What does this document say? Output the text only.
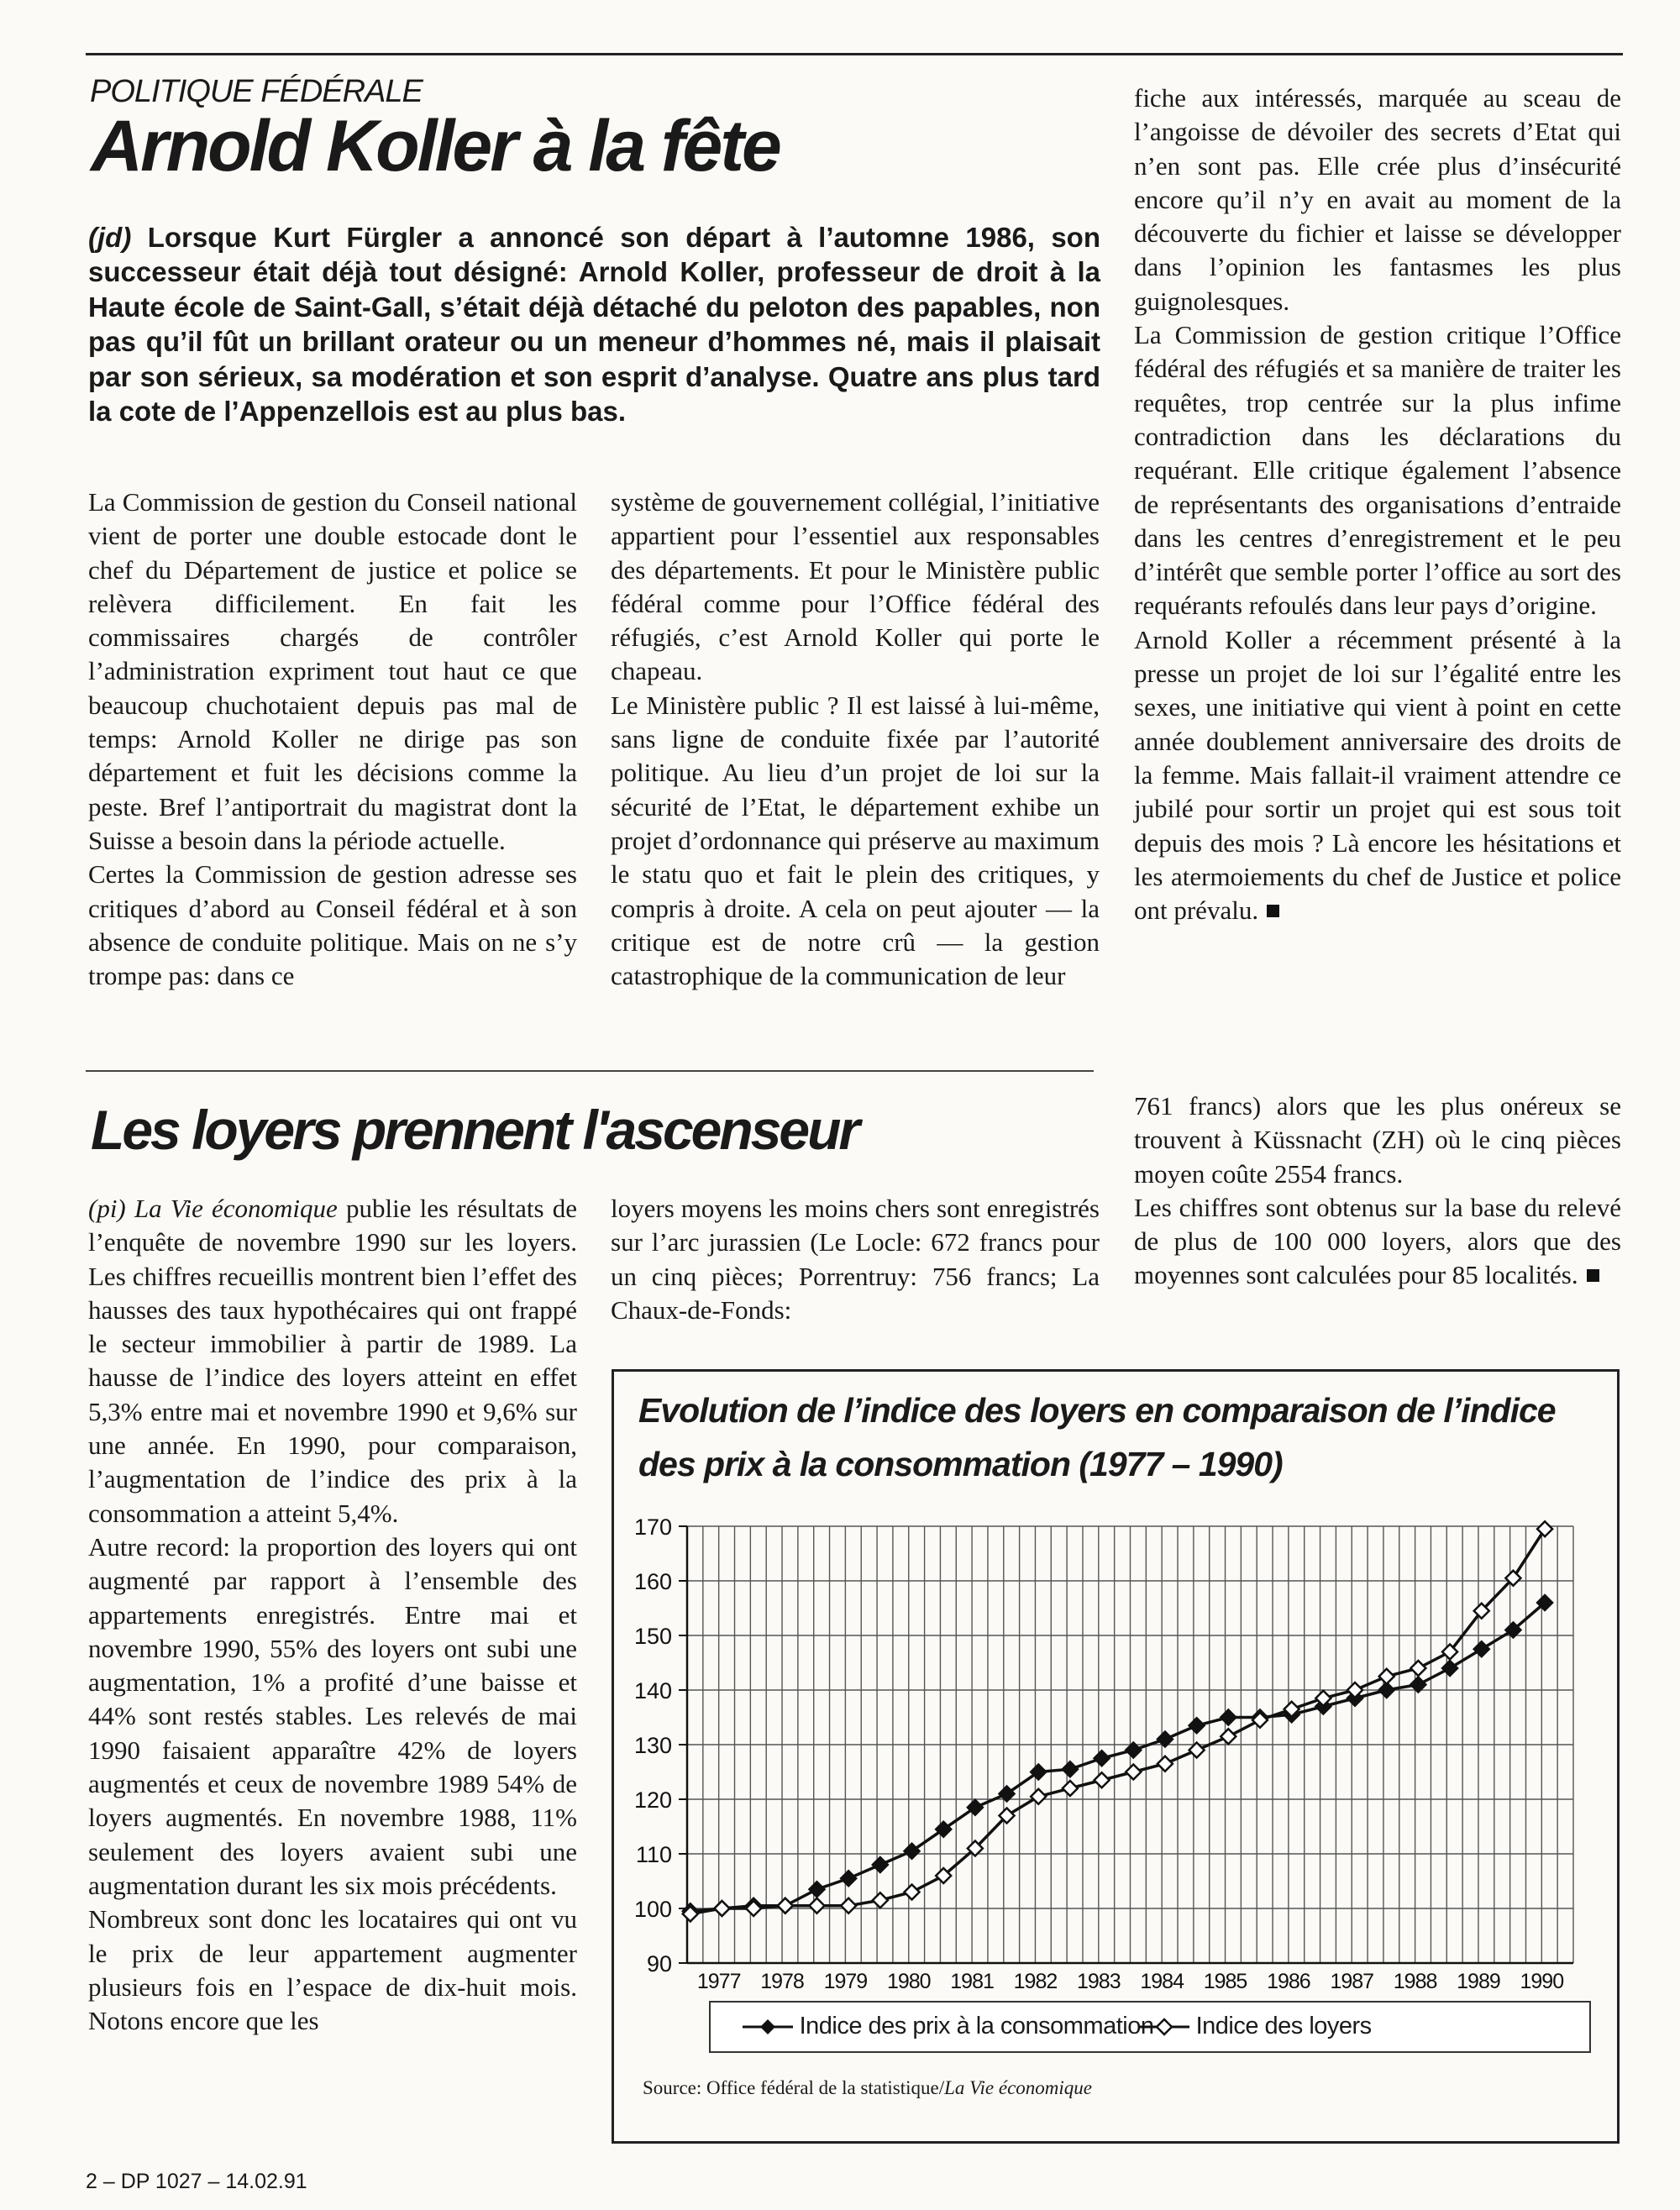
POLITIQUE FÉDÉRALE
Arnold Koller à la fête
(jd) Lorsque Kurt Fürgler a annoncé son départ à l’automne 1986, son successeur était déjà tout désigné: Arnold Koller, professeur de droit à la Haute école de Saint-Gall, s’était déjà détaché du peloton des papables, non pas qu’il fût un brillant orateur ou un meneur d’hommes né, mais il plaisait par son sérieux, sa modération et son esprit d’analyse. Quatre ans plus tard la cote de l’Appenzellois est au plus bas.

La Commission de gestion du Conseil national vient de porter une double estocade dont le chef du Département de justice et police se relèvera difficilement. En fait les commissaires chargés de contrôler l’administration expriment tout haut ce que beaucoup chuchotaient depuis pas mal de temps: Arnold Koller ne dirige pas son département et fuit les décisions comme la peste. Bref l’antiportrait du magistrat dont la Suisse a besoin dans la période actuelle.

Certes la Commission de gestion adresse ses critiques d’abord au Conseil fédéral et à son absence de conduite politique. Mais on ne s’y trompe pas: dans ce

système de gouvernement collégial, l’initiative appartient pour l’essentiel aux responsables des départements. Et pour le Ministère public fédéral comme pour l’Office fédéral des réfugiés, c’est Arnold Koller qui porte le chapeau.

Le Ministère public ? Il est laissé à lui-même, sans ligne de conduite fixée par l’autorité politique. Au lieu d’un projet de loi sur la sécurité de l’Etat, le département exhibe un projet d’ordonnance qui préserve au maximum le statu quo et fait le plein des critiques, y compris à droite. A cela on peut ajouter — la critique est de notre crû — la gestion catastrophique de la communication de leur

fiche aux intéressés, marquée au sceau de l’angoisse de dévoiler des secrets d’Etat qui n’en sont pas. Elle crée plus d’insécurité encore qu’il n’y en avait au moment de la découverte du fichier et laisse se développer dans l’opinion les fantasmes les plus guignolesques.

La Commission de gestion critique l’Office fédéral des réfugiés et sa manière de traiter les requêtes, trop centrée sur la plus infime contradiction dans les déclarations du requérant. Elle critique également l’absence de représentants des organisations d’entraide dans les centres d’enregistrement et le peu d’intérêt que semble porter l’office au sort des requérants refoulés dans leur pays d’origine.

Arnold Koller a récemment présenté à la presse un projet de loi sur l’égalité entre les sexes, une initiative qui vient à point en cette année doublement anniversaire des droits de la femme. Mais fallait-il vraiment attendre ce jubilé pour sortir un projet qui est sous toit depuis des mois ? Là encore les hésitations et les atermoiements du chef de Justice et police ont prévalu.

Les loyers prennent l'ascenseur

(pi) La Vie économique publie les résultats de l’enquête de novembre 1990 sur les loyers. Les chiffres recueillis montrent bien l’effet des hausses des taux hypothécaires qui ont frappé le secteur immobilier à partir de 1989. La hausse de l’indice des loyers atteint en effet 5,3% entre mai et novembre 1990 et 9,6% sur une année. En 1990, pour comparaison, l’augmentation de l’indice des prix à la consommation a atteint 5,4%.

Autre record: la proportion des loyers qui ont augmenté par rapport à l’ensemble des appartements enregistrés. Entre mai et novembre 1990, 55% des loyers ont subi une augmentation, 1% a profité d’une baisse et 44% sont restés stables. Les relevés de mai 1990 faisaient apparaître 42% de loyers augmentés et ceux de novembre 1989 54% de loyers augmentés. En novembre 1988, 11% seulement des loyers avaient subi une augmentation durant les six mois précédents.

Nombreux sont donc les locataires qui ont vu le prix de leur appartement augmenter plusieurs fois en l’espace de dix-huit mois. Notons encore que les

loyers moyens les moins chers sont enregistrés sur l’arc jurassien (Le Locle: 672 francs pour un cinq pièces; Porrentruy: 756 francs; La Chaux-de-Fonds:

761 francs) alors que les plus onéreux se trouvent à Küssnacht (ZH) où le cinq pièces moyen coûte 2554 francs.

Les chiffres sont obtenus sur la base du relevé de plus de 100 000 loyers, alors que des moyennes sont calculées pour 85 localités.

Evolution de l’indice des loyers en comparaison de l’indice des prix à la consommation (1977 – 1990)
90
100
110
120
130
140
150
160
170
1977 1978 1979 1980 1981 1982 1983 1984 1985 1986 1987 1988 1989 1990
Indice des prix à la consommation	Indice des loyers
Source: Office fédéral de la statistique/La Vie économique
2 – DP 1027 – 14.02.91
